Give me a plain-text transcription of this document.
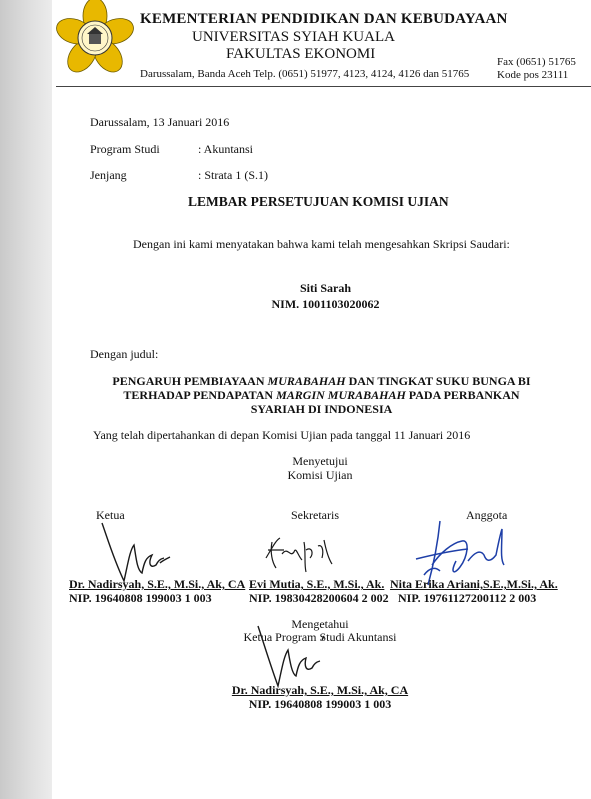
KEMENTERIAN PENDIDIKAN DAN KEBUDAYAAN
UNIVERSITAS SYIAH KUALA
FAKULTAS EKONOMI
Darussalam, Banda Aceh Telp. (0651) 51977, 4123, 4124, 4126 dan 51765
Fax (0651) 51765
Kode pos 23111
Darussalam, 13 Januari 2016
Program Studi	: Akuntansi
Jenjang	: Strata 1 (S.1)
LEMBAR PERSETUJUAN KOMISI UJIAN
Dengan ini kami menyatakan bahwa kami telah mengesahkan Skripsi Saudari:
Siti Sarah
NIM. 1001103020062
Dengan judul:
PENGARUH PEMBIAYAAN MURABAHAH DAN TINGKAT SUKU BUNGA BI
TERHADAP PENDAPATAN MARGIN MURABAHAH PADA PERBANKAN
SYARIAH DI INDONESIA
Yang telah dipertahankan di depan Komisi Ujian pada tanggal 11 Januari 2016
Menyetujui
Komisi Ujian
Ketua	Sekretaris	Anggota
Dr. Nadirsyah, S.E., M.Si., Ak, CA
NIP. 19640808 199003 1 003
Evi Mutia, S.E., M.Si., Ak.
NIP. 19830428200604 2 002
Nita Erika Ariani,S.E.,M.Si., Ak.
NIP. 19761127200112 2 003
Mengetahui
Ketua Program Studi Akuntansi
Dr. Nadirsyah, S.E., M.Si., Ak, CA
NIP. 19640808 199003 1 003
